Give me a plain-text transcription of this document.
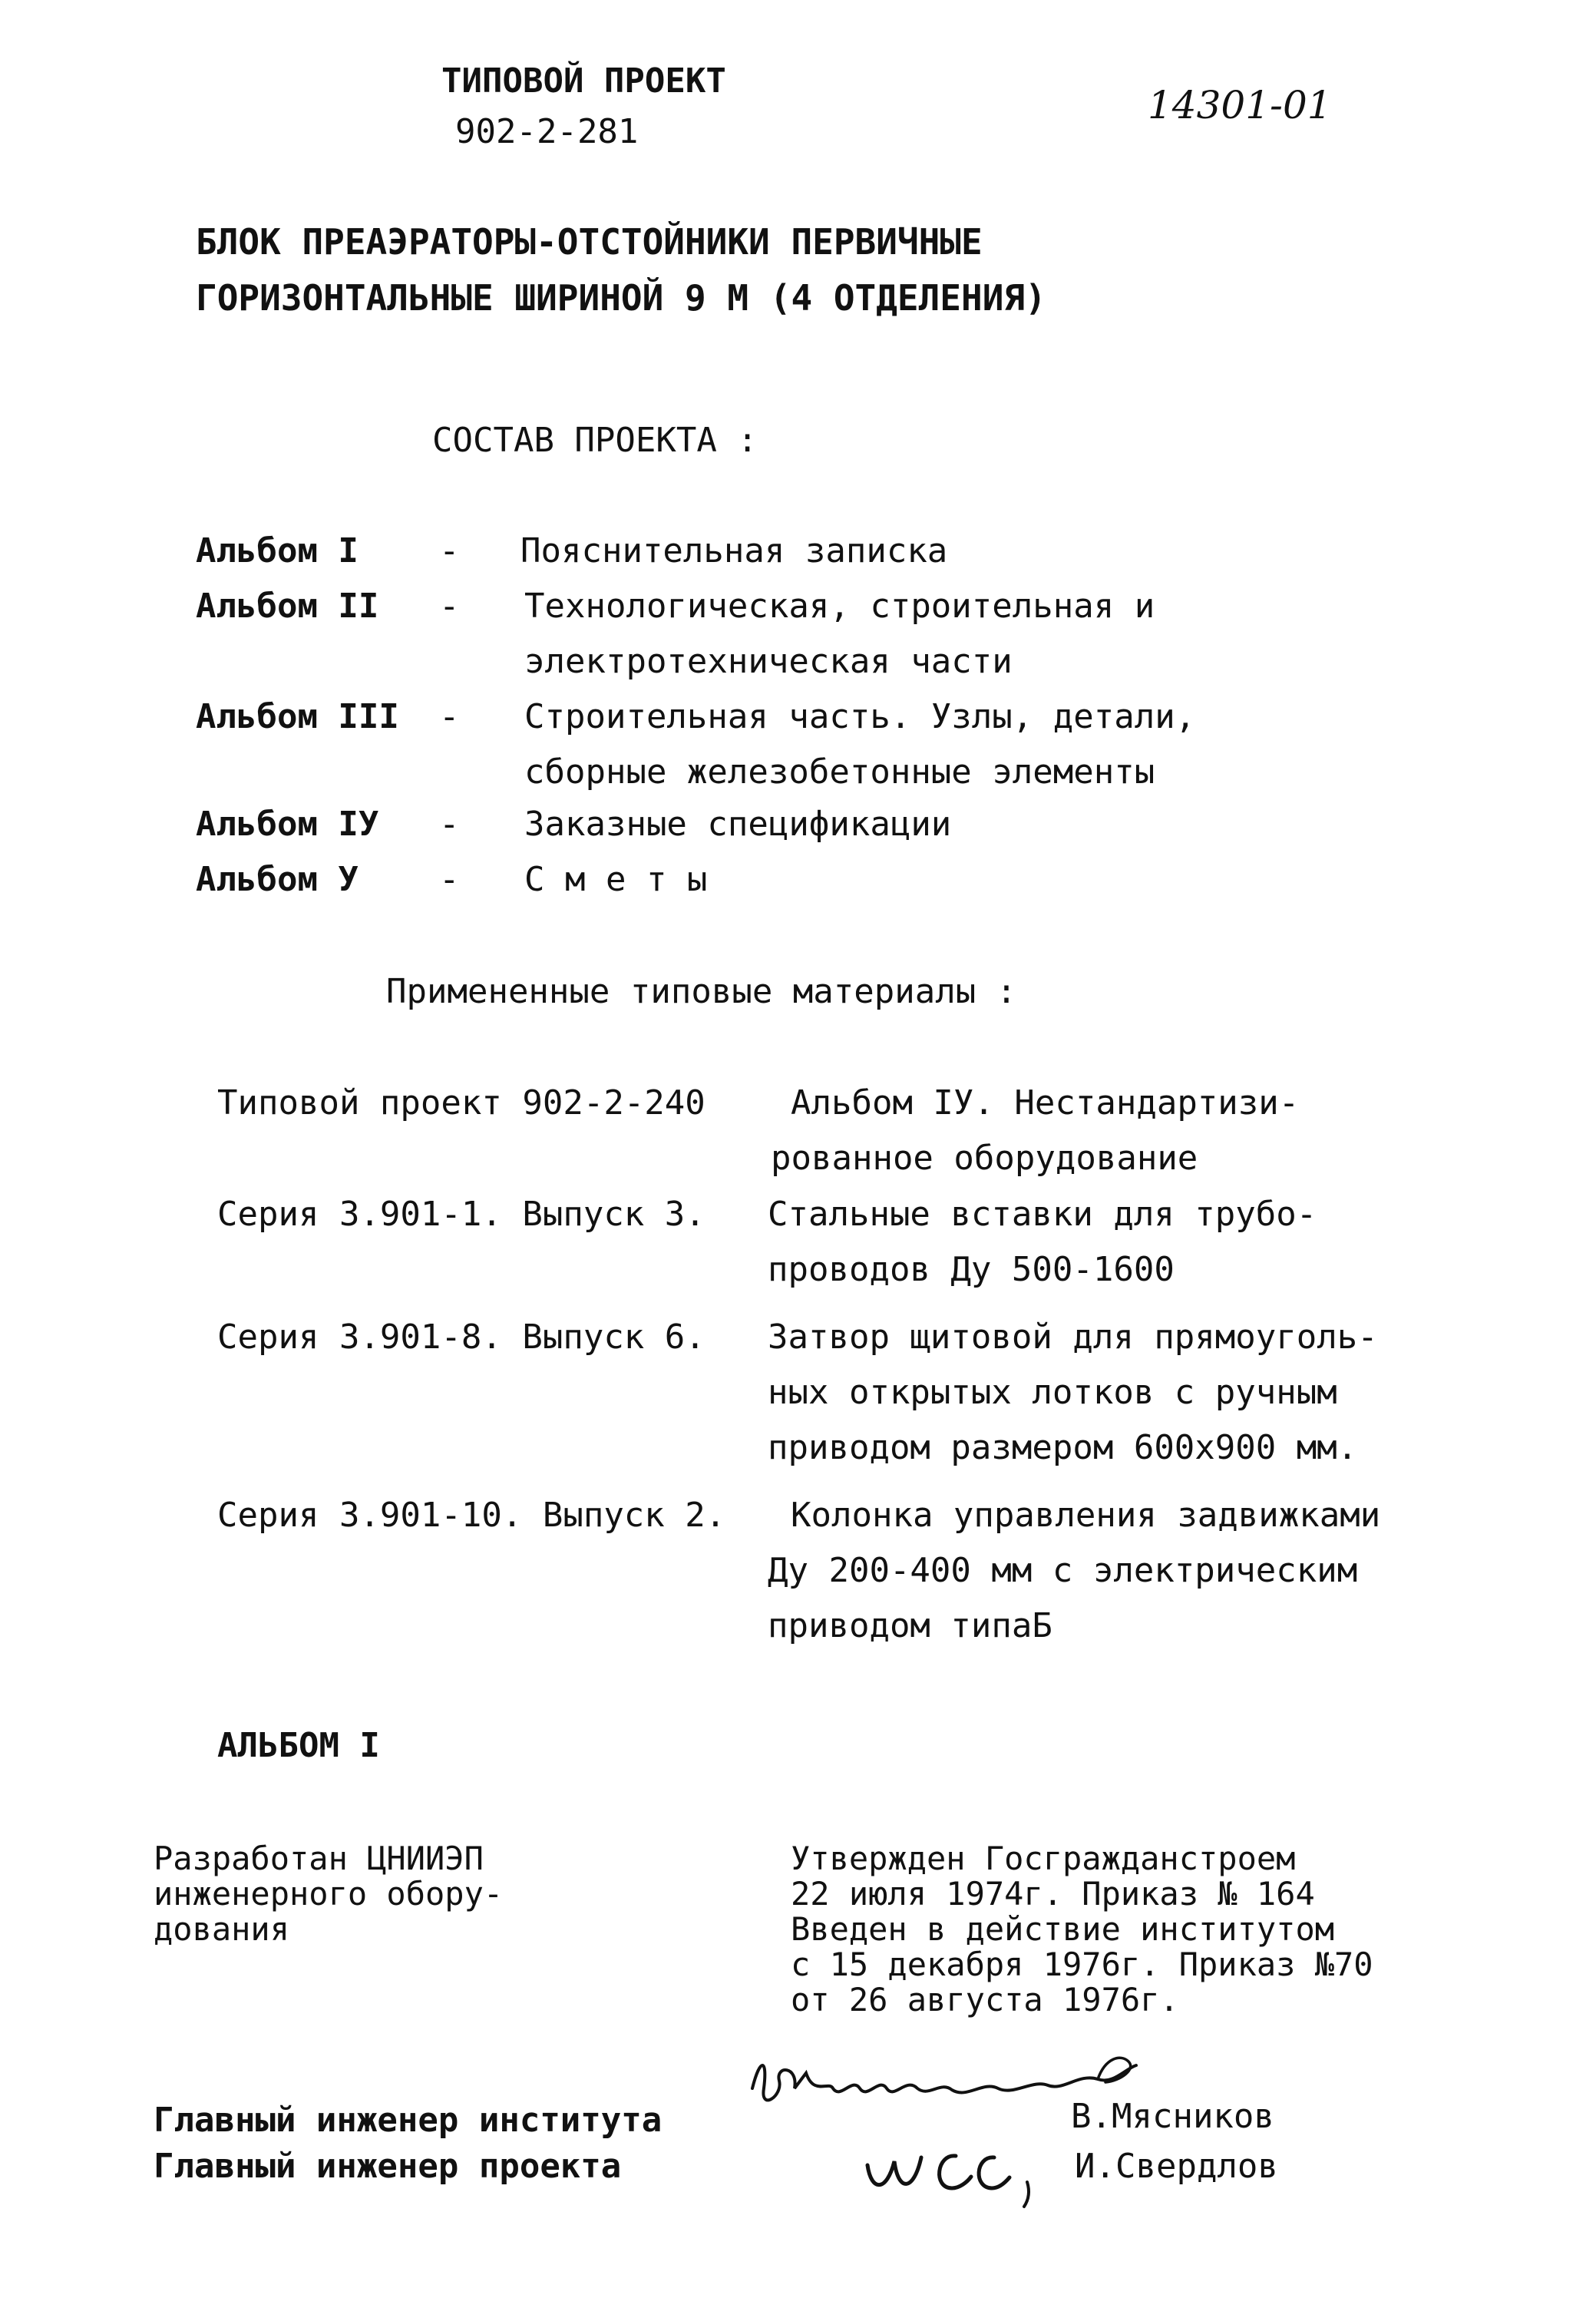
ТИПОВОЙ ПРОЕКТ
902-2-281
14301-01
БЛОК ПРЕАЭРАТОРЫ-ОТСТОЙНИКИ ПЕРВИЧНЫЕ
ГОРИЗОНТАЛЬНЫЕ ШИРИНОЙ 9 М (4 ОТДЕЛЕНИЯ)
СОСТАВ ПРОЕКТА :
Альбом I - Пояснительная записка
Альбом II - Технологическая, строительная и
электротехническая части
Альбом III - Строительная часть. Узлы, детали,
сборные железобетонные элементы
Альбом IУ - Заказные спецификации
Альбом У - С м е т ы
Примененные типовые материалы :
Типовой проект 902-2-240	Альбом IУ. Нестандартизи-
рованное оборудование
Серия 3.901-1. Выпуск 3. Стальные вставки для трубо-
проводов Ду 500-1600
Серия 3.901-8. Выпуск 6. Затвор щитовой для прямоуголь-
ных открытых лотков с ручным
приводом размером 600х900 мм.
Серия 3.901-10. Выпуск 2. Колонка управления задвижками
Ду 200-400 мм с электрическим
приводом типаБ
АЛЬБОМ I
Разработан ЦНИИЭП
инженерного обору-
дования
Утвержден Госгражданстроем
22 июля 1974г. Приказ № 164
Введен в действие институтом
с 15 декабря 1976г. Приказ №70
от 26 августа 1976г.
Главный инженер института	В.Мясников
Главный инженер проекта	И.Свердлов
